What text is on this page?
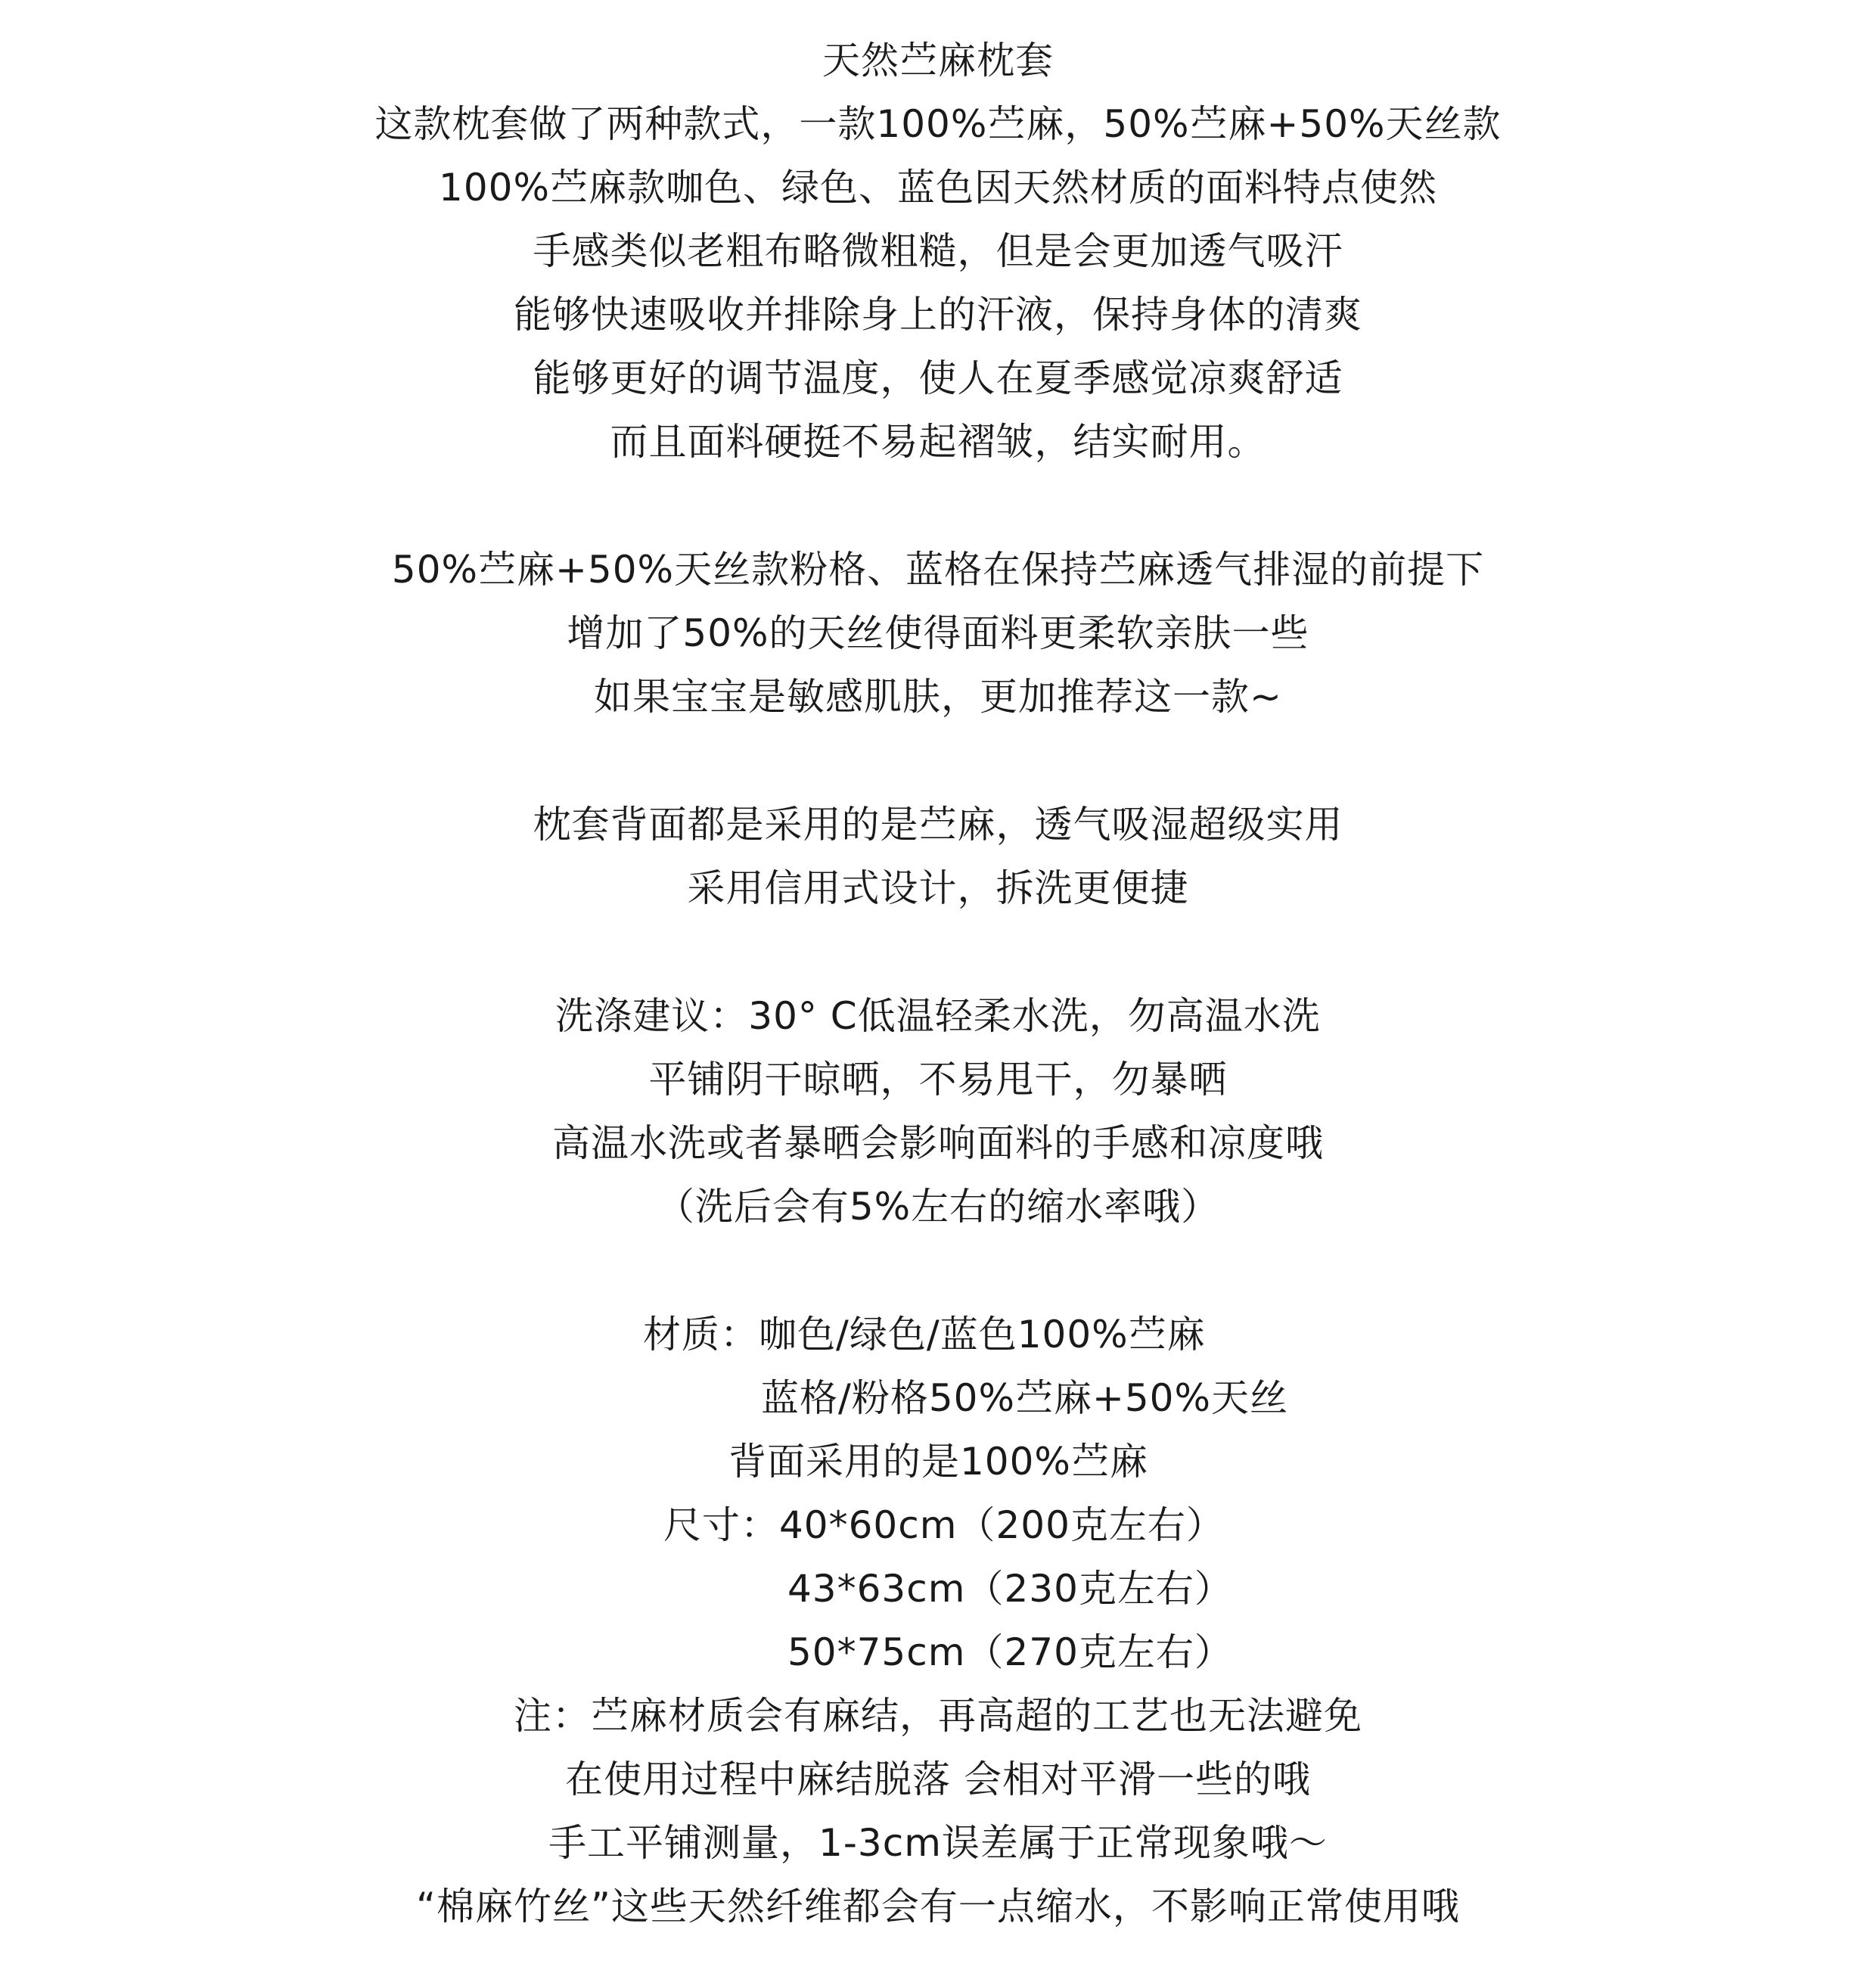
天然苎麻枕套
这款枕套做了两种款式，一款100%苎麻，50%苎麻+50%天丝款
100%苎麻款咖色、绿色、蓝色因天然材质的面料特点使然
手感类似老粗布略微粗糙，但是会更加透气吸汗
能够快速吸收并排除身上的汗液，保持身体的清爽
能够更好的调节温度，使人在夏季感觉凉爽舒适
而且面料硬挺不易起褶皱，结实耐用。
50%苎麻+50%天丝款粉格、蓝格在保持苎麻透气排湿的前提下
增加了50%的天丝使得面料更柔软亲肤一些
如果宝宝是敏感肌肤，更加推荐这一款~
枕套背面都是采用的是苎麻，透气吸湿超级实用
采用信用式设计，拆洗更便捷
洗涤建议：30° C低温轻柔水洗，勿高温水洗
平铺阴干晾晒，不易甩干，勿暴晒
高温水洗或者暴晒会影响面料的手感和凉度哦
（洗后会有5%左右的缩水率哦）
材质：咖色/绿色/蓝色100%苎麻
蓝格/粉格50%苎麻+50%天丝
背面采用的是100%苎麻
尺寸：40*60cm（200克左右）
43*63cm（230克左右）
50*75cm（270克左右）
注：苎麻材质会有麻结，再高超的工艺也无法避免
在使用过程中麻结脱落 会相对平滑一些的哦
手工平铺测量，1-3cm误差属于正常现象哦～
“棉麻竹丝”这些天然纤维都会有一点缩水，不影响正常使用哦
